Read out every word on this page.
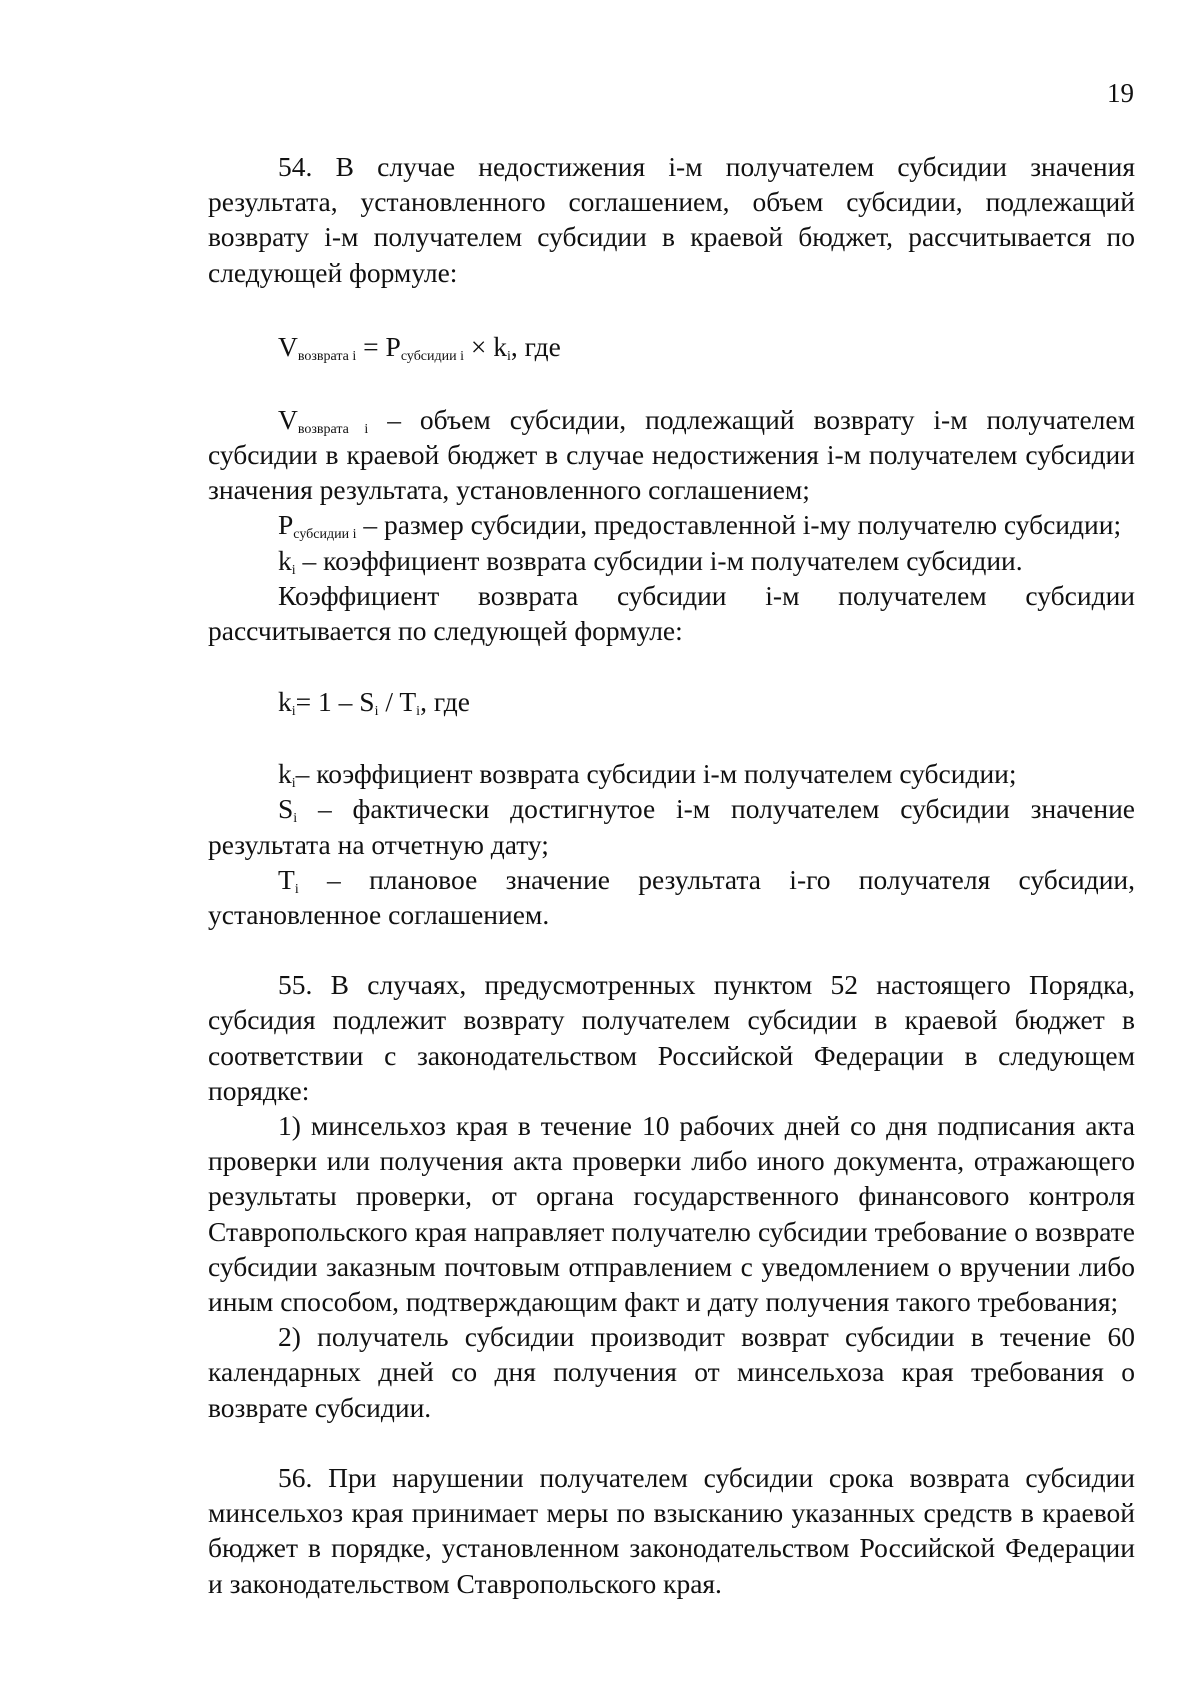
19

54. В случае недостижения i-м получателем субсидии значения результата, установленного соглашением, объем субсидии, подлежащий возврату i-м получателем субсидии в краевой бюджет, рассчитывается по следующей формуле:

$V_{возврата i} = P_{субсидии i} \times k_i$, где

$V_{возврата i}$ – объем субсидии, подлежащий возврату i-м получателем субсидии в краевой бюджет в случае недостижения i-м получателем субсидии значения результата, установленного соглашением;

$P_{субсидии i}$ – размер субсидии, предоставленной i-му получателю субсидии;

$k_i$ – коэффициент возврата субсидии i-м получателем субсидии.

Коэффициент возврата субсидии i-м получателем субсидии рассчитывается по следующей формуле:

$k_i= 1 - S_i / T_i$, где

$k_i-$ коэффициент возврата субсидии i-м получателем субсидии;

$S_i$ – фактически достигнутое i-м получателем субсидии значение результата на отчетную дату;

$T_i$ – плановое значение результата i-го получателя субсидии, установленное соглашением.

55. В случаях, предусмотренных пунктом 52 настоящего Порядка, субсидия подлежит возврату получателем субсидии в краевой бюджет в соответствии с законодательством Российской Федерации в следующем порядке:

1) минсельхоз края в течение 10 рабочих дней со дня подписания акта проверки или получения акта проверки либо иного документа, отражающего результаты проверки, от органа государственного финансового контроля Ставропольского края направляет получателю субсидии требование о возврате субсидии заказным почтовым отправлением с уведомлением о вручении либо иным способом, подтверждающим факт и дату получения такого требования;

2) получатель субсидии производит возврат субсидии в течение 60 календарных дней со дня получения от минсельхоза края требования о возврате субсидии.

56. При нарушении получателем субсидии срока возврата субсидии минсельхоз края принимает меры по взысканию указанных средств в краевой бюджет в порядке, установленном законодательством Российской Федерации и законодательством Ставропольского края.
